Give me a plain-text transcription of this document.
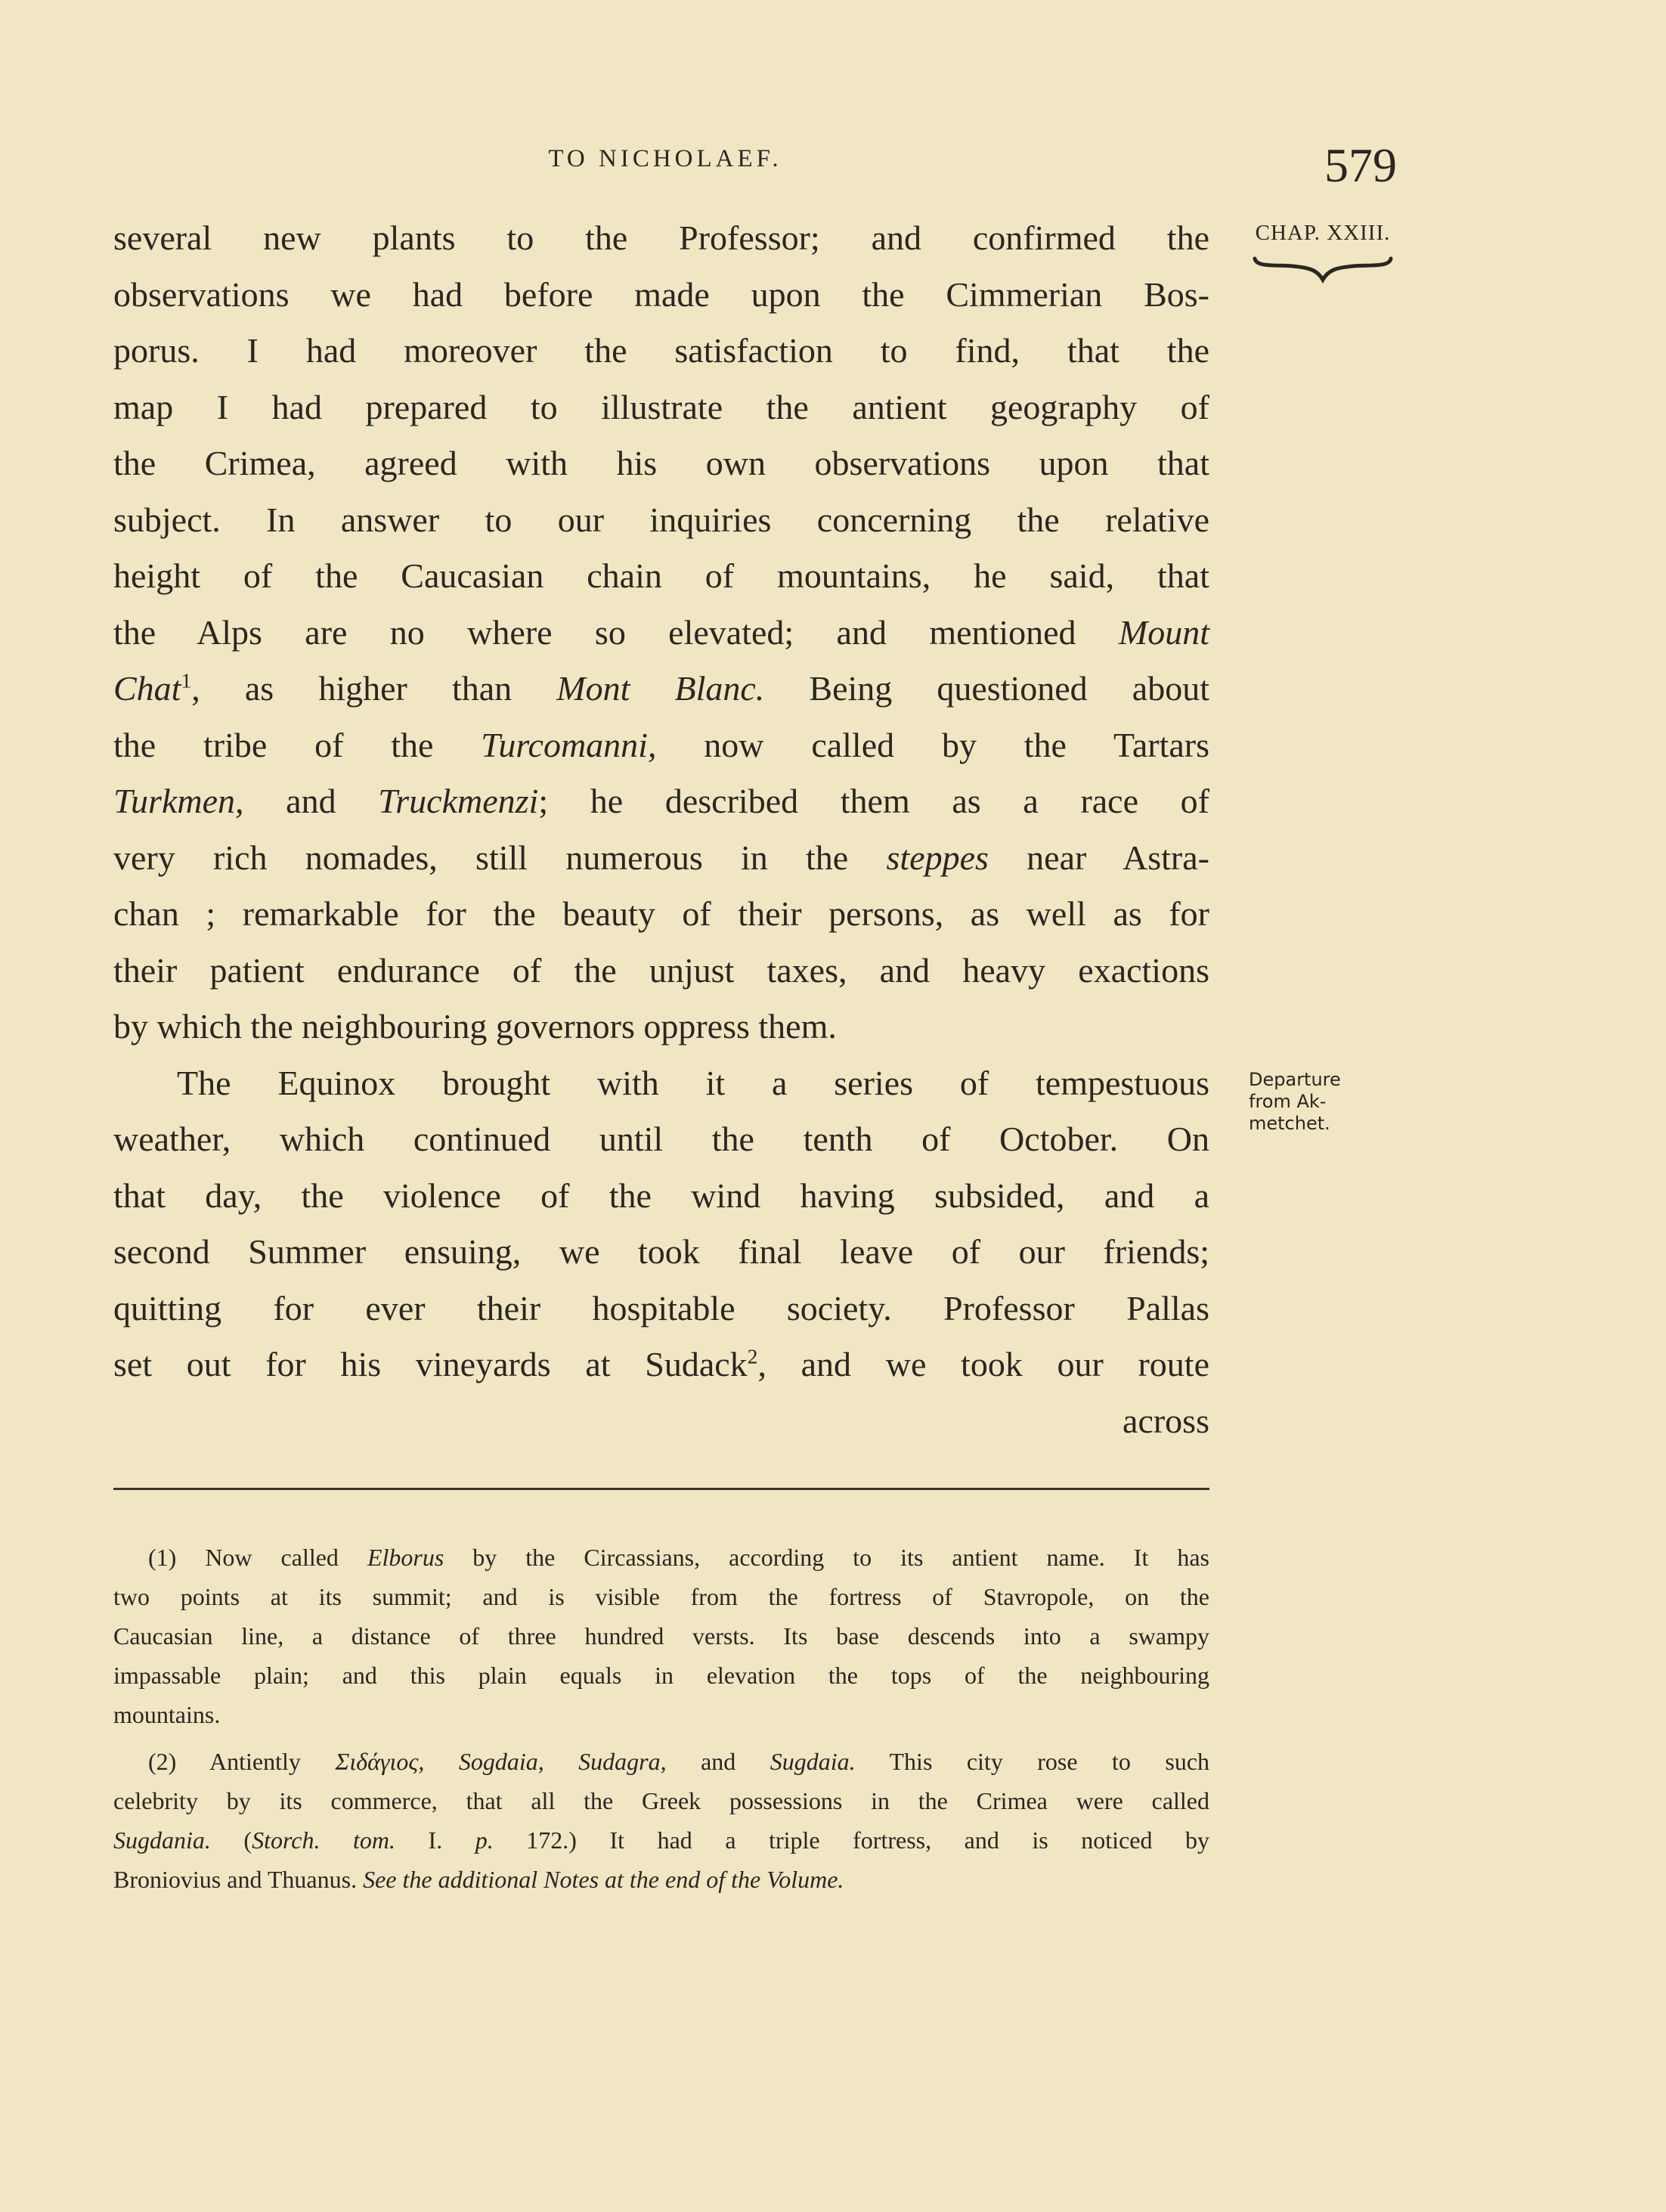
TO NICHOLAEF.	579
CHAP. XXIII.
Departure
from Ak-
metchet.
several new plants to the Professor; and confirmed the
observations we had before made upon the Cimmerian Bos-
porus. I had moreover the satisfaction to find, that the
map I had prepared to illustrate the antient geography of
the Crimea, agreed with his own observations upon that
subject. In answer to our inquiries concerning the relative
height of the Caucasian chain of mountains, he said, that
the Alps are no where so elevated; and mentioned Mount
Chat$^1$, as higher than Mont Blanc. Being questioned about
the tribe of the Turcomanni, now called by the Tartars
Turkmen, and Truckmenzi; he described them as a race of
very rich nomades, still numerous in the steppes near Astra-
chan ; remarkable for the beauty of their persons, as well as for
their patient endurance of the unjust taxes, and heavy exactions
by which the neighbouring governors oppress them.
The Equinox brought with it a series of tempestuous
weather, which continued until the tenth of October. On
that day, the violence of the wind having subsided, and a
second Summer ensuing, we took final leave of our friends;
quitting for ever their hospitable society. Professor Pallas
set out for his vineyards at Sudack$^2$, and we took our route
across
(1) Now called Elborus by the Circassians, according to its antient name. It has
two points at its summit; and is visible from the fortress of Stavropole, on the
Caucasian line, a distance of three hundred versts. Its base descends into a swampy
impassable plain; and this plain equals in elevation the tops of the neighbouring
mountains.
(2) Antiently Σιδάγιος, Sogdaia, Sudagra, and Sugdaia. This city rose to such
celebrity by its commerce, that all the Greek possessions in the Crimea were called
Sugdania. (Storch. tom. I. p. 172.) It had a triple fortress, and is noticed by
Broniovius and Thuanus. See the additional Notes at the end of the Volume.
